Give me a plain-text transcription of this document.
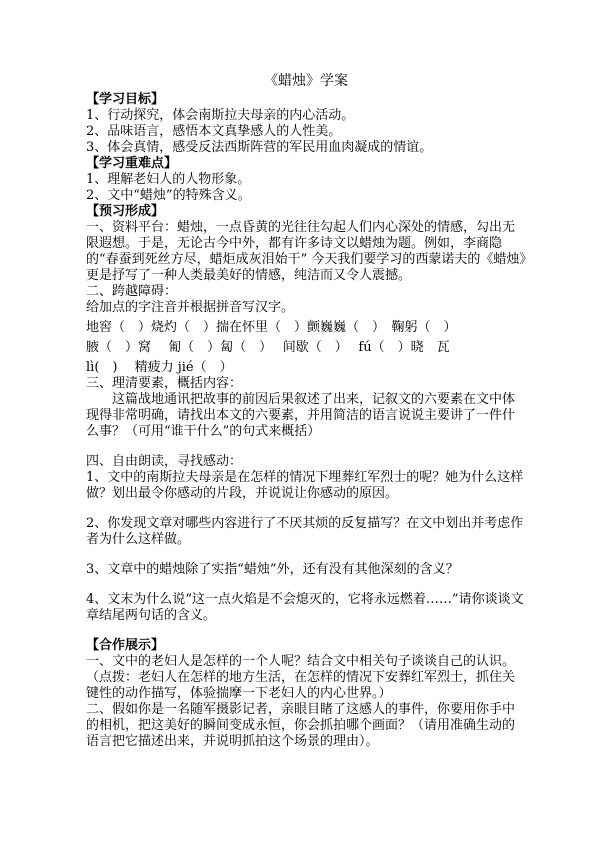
《蜡烛》学案
【学习目标】
1、行动探究，体会南斯拉夫母亲的内心活动。
2、品味语言，感悟本文真挚感人的人性美。
3、体会真情，感受反法西斯阵营的军民用血肉凝成的情谊。
【学习重难点】
1、理解老妇人的人物形象。
2、文中“蜡烛”的特殊含义。
【预习形成】
一、资料平台：蜡烛，一点昏黄的光往往勾起人们内心深处的情感，勾出无限遐想。于是，无论古今中外，都有许多诗文以蜡烛为题。例如，李商隐的“春蚕到死丝方尽，蜡炬成灰泪始干” 今天我们要学习的西蒙诺夫的《蜡烛》更是抒写了一种人类最美好的情感，纯洁而又令人震撼。
二、跨越障碍：
给加点的字注音并根据拼音写汉字。
地窖（　）烧灼（　）揣在怀里（　）颤巍巍（　）　鞠躬（　）
腋（　）窝　 匍（　）匐（　）　 间歇（　）　 fú（　）晓　瓦
lì(　)　 精疲力 jié（　）
三、理清要素，概括内容：
这篇战地通讯把故事的前因后果叙述了出来，记叙文的六要素在文中体现得非常明确，请找出本文的六要素，并用简洁的语言说说主要讲了一件什么事？（可用“谁干什么”的句式来概括）
四、自由朗读，寻找感动：
1、文中的南斯拉夫母亲是在怎样的情况下埋葬红军烈士的呢？她为什么这样做？划出最令你感动的片段，并说说让你感动的原因。
2、你发现文章对哪些内容进行了不厌其烦的反复描写？在文中划出并考虑作者为什么这样做。
3、文章中的蜡烛除了实指“蜡烛”外，还有没有其他深刻的含义？
4、文末为什么说“这一点火焰是不会熄灭的，它将永远燃着……”请你谈谈文章结尾两句话的含义。
【合作展示】
一、文中的老妇人是怎样的一个人呢？结合文中相关句子谈谈自己的认识。
（点拨：老妇人在怎样的地方生活，在怎样的情况下安葬红军烈士，抓住关键性的动作描写，体验揣摩一下老妇人的内心世界。）
二、假如你是一名随军摄影记者，亲眼目睹了这感人的事件，你要用你手中的相机，把这美好的瞬间变成永恒，你会抓拍哪个画面？（请用准确生动的语言把它描述出来，并说明抓拍这个场景的理由）。
